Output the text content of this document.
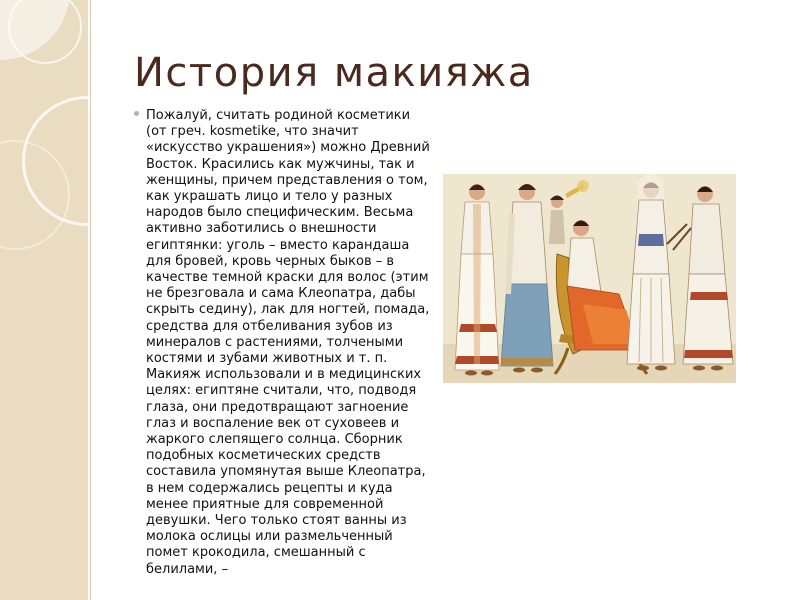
История макияжа

Пожалуй, считать родиной косметики (от греч. kosmetike, что значит «искусство украшения») можно Древний Восток. Красились как мужчины, так и женщины, причем представления о том, как украшать лицо и тело у разных народов было специфическим. Весьма активно заботились о внешности египтянки: уголь – вместо карандаша для бровей, кровь черных быков – в качестве темной краски для волос (этим не брезговала и сама Клеопатра, дабы скрыть седину), лак для ногтей, помада, средства для отбеливания зубов из минералов с растениями, толчеными костями и зубами животных и т. п. Макияж использовали и в медицинских целях: египтяне считали, что, подводя глаза, они предотвращают загноение глаз и воспаление век от суховеев и жаркого слепящего солнца. Сборник подобных косметических средств составила упомянутая выше Клеопатра, в нем содержались рецепты и куда менее приятные для современной девушки. Чего только стоят ванны из молока ослицы или размельченный помет крокодила, смешанный с белилами, –
